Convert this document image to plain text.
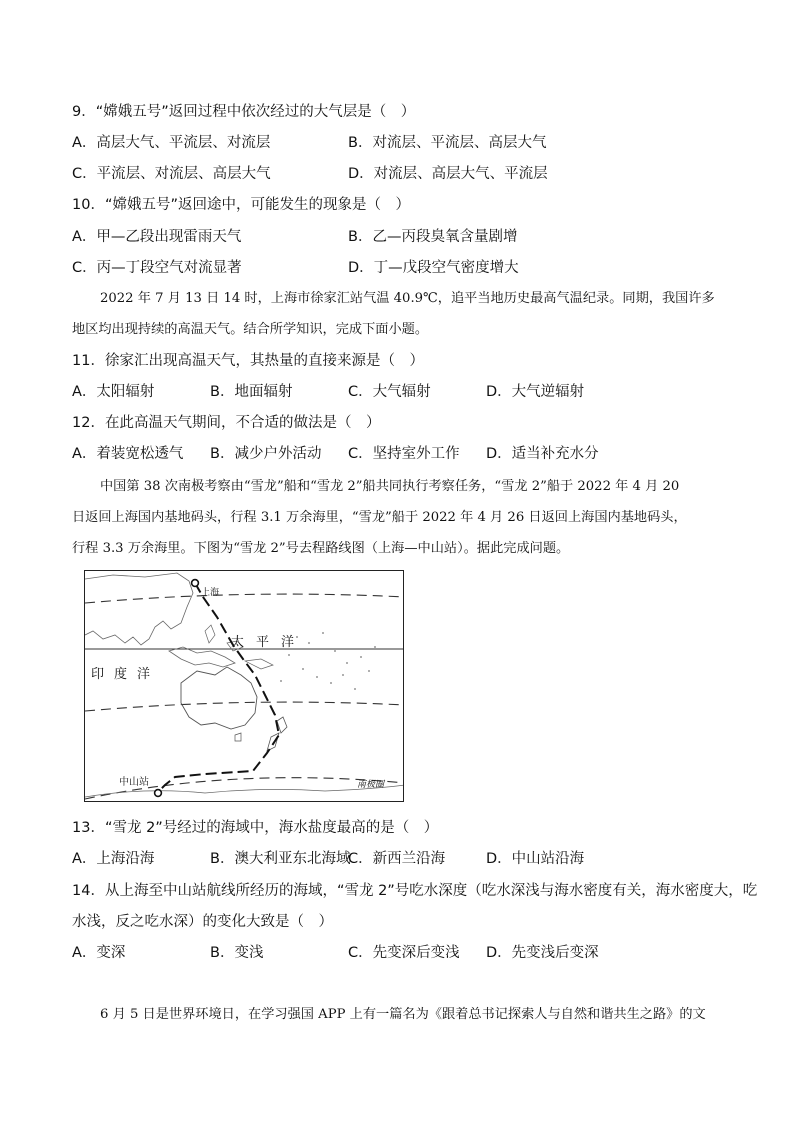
9．“嫦娥五号”返回过程中依次经过的大气层是（　）
A．高层大气、平流层、对流层	B．对流层、平流层、高层大气
C．平流层、对流层、高层大气	D．对流层、高层大气、平流层
10．“嫦娥五号”返回途中，可能发生的现象是（　）
A．甲—乙段出现雷雨天气	B．乙—丙段臭氧含量剧增
C．丙—丁段空气对流显著	D．丁—戊段空气密度增大
2022 年 7 月 13 日 14 时，上海市徐家汇站气温 40.9℃，追平当地历史最高气温纪录。同期，我国许多
地区均出现持续的高温天气。结合所学知识，完成下面小题。
11．徐家汇出现高温天气，其热量的直接来源是（　）
A．太阳辐射	B．地面辐射	C．大气辐射	D．大气逆辐射
12．在此高温天气期间，不合适的做法是（　）
A．着装宽松透气	B．减少户外活动	C．坚持室外工作	D．适当补充水分
中国第 38 次南极考察由“雪龙”船和“雪龙 2”船共同执行考察任务，“雪龙 2”船于 2022 年 4 月 20
日返回上海国内基地码头，行程 3.1 万余海里，“雪龙”船于 2022 年 4 月 26 日返回上海国内基地码头，
行程 3.3 万余海里。下图为“雪龙 2”号去程路线图（上海—中山站）。据此完成问题。
上海
太平洋
印度洋
中山站	南极圈
13．“雪龙 2”号经过的海域中，海水盐度最高的是（　）
A．上海沿海	B．澳大利亚东北海域
C．新西兰沿海	D．中山站沿海
14．从上海至中山站航线所经历的海域，“雪龙 2”号吃水深度（吃水深浅与海水密度有关，海水密度大，吃
水浅，反之吃水深）的变化大致是（　）
A．变深	B．变浅	C．先变深后变浅	D．先变浅后变深
6 月 5 日是世界环境日，在学习强国 APP 上有一篇名为《跟着总书记探索人与自然和谐共生之路》的文
